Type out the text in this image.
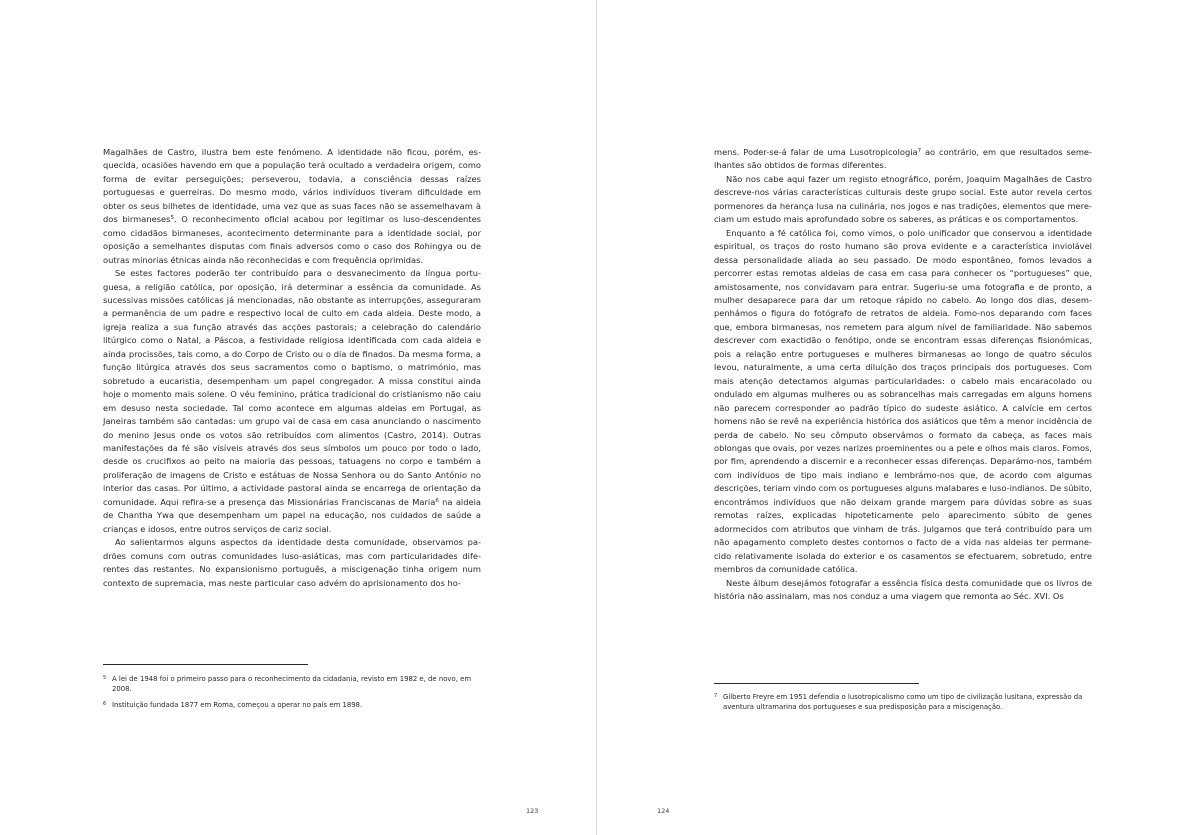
Magalhães de Castro, ilustra bem este fenómeno. A identidade não ficou, porém, esquecida, ocasiões havendo em que a população terá ocultado a verdadeira origem, como forma de evitar perseguições; perseverou, todavia, a consciência dessas raízes portuguesas e guerreiras. Do mesmo modo, vários indivíduos tiveram dificuldade em obter os seus bilhetes de identidade, uma vez que as suas faces não se assemelhavam à dos birmaneses$^5$. O reconhecimento oficial acabou por legitimar os luso-descendentes como cidadãos birmaneses, acontecimento determinante para a identidade social, por oposição a semelhantes disputas com finais adversos como o caso dos Rohingya ou de outras minorias étnicas ainda não reconhecidas e com frequência oprimidas.

Se estes factores poderão ter contribuído para o desvanecimento da língua portuguesa, a religião católica, por oposição, irá determinar a essência da comunidade. As sucessivas missões católicas já mencionadas, não obstante as interrupções, asseguraram a permanência de um padre e respectivo local de culto em cada aldeia. Deste modo, a igreja realiza a sua função através das acções pastorais; a celebração do calendário litúrgico como o Natal, a Páscoa, a festividade religiosa identificada com cada aldeia e ainda procissões, tais como, a do Corpo de Cristo ou o dia de finados. Da mesma forma, a função litúrgica através dos seus sacramentos como o baptismo, o matrimónio, mas sobretudo a eucaristia, desempenham um papel congregador. A missa constitui ainda hoje o momento mais solene. O véu feminino, prática tradicional do cristianismo não caiu em desuso nesta sociedade. Tal como acontece em algumas aldeias em Portugal, as Janeiras também são cantadas: um grupo vai de casa em casa anunciando o nascimento do menino Jesus onde os votos são retribuídos com alimentos (Castro, 2014). Outras manifestações da fé são visíveis através dos seus símbolos um pouco por todo o lado, desde os crucifixos ao peito na maioria das pessoas, tatuagens no corpo e também a proliferação de imagens de Cristo e estátuas de Nossa Senhora ou do Santo António no interior das casas. Por último, a actividade pastoral ainda se encarrega de orientação da comunidade. Aqui refira-se a presença das Missionárias Franciscanas de Maria$^6$ na aldeia de Chantha Ywa que desempenham um papel na educação, nos cuidados de saúde a crianças e idosos, entre outros serviços de cariz social.

Ao salientarmos alguns aspectos da identidade desta comunidade, observamos padrões comuns com outras comunidades luso-asiáticas, mas com particularidades diferentes das restantes. No expansionismo português, a miscigenação tinha origem num contexto de supremacia, mas neste particular caso advém do aprisionamento dos ho-

5 A lei de 1948 foi o primeiro passo para o reconhecimento da cidadania, revisto em 1982 e, de novo, em 2008.
6 Instituição fundada 1877 em Roma, começou a operar no país em 1898.
123

mens. Poder-se-á falar de uma Lusotropicologia$^7$ ao contrário, em que resultados semelhantes são obtidos de formas diferentes.

Não nos cabe aqui fazer um registo etnográfico, porém, Joaquim Magalhães de Castro descreve-nos várias características culturais deste grupo social. Este autor revela certos pormenores da herança lusa na culinária, nos jogos e nas tradições, elementos que mereciam um estudo mais aprofundado sobre os saberes, as práticas e os comportamentos.

Enquanto a fé católica foi, como vimos, o polo unificador que conservou a identidade espiritual, os traços do rosto humano são prova evidente e a característica inviolável dessa personalidade aliada ao seu passado. De modo espontâneo, fomos levados a percorrer estas remotas aldeias de casa em casa para conhecer os “portugueses” que, amistosamente, nos convidavam para entrar. Sugeriu-se uma fotografia e de pronto, a mulher desaparece para dar um retoque rápido no cabelo. Ao longo dos dias, desempenhámos o figura do fotógrafo de retratos de aldeia. Fomo-nos deparando com faces que, embora birmanesas, nos remetem para algum nível de familiaridade. Não sabemos descrever com exactidão o fenótipo, onde se encontram essas diferenças fisionómicas, pois a relação entre portugueses e mulheres birmanesas ao longo de quatro séculos levou, naturalmente, a uma certa diluição dos traços principais dos portugueses. Com mais atenção detectamos algumas particularidades: o cabelo mais encaracolado ou ondulado em algumas mulheres ou as sobrancelhas mais carregadas em alguns homens não parecem corresponder ao padrão típico do sudeste asiático. A calvície em certos homens não se revê na experiência histórica dos asiáticos que têm a menor incidência de perda de cabelo. No seu cômputo observámos o formato da cabeça, as faces mais oblongas que ovais, por vezes narizes proeminentes ou a pele e olhos mais claros. Fomos, por fim, aprendendo a discernir e a reconhecer essas diferenças. Deparámo-nos, também com indivíduos de tipo mais indiano e lembrámo-nos que, de acordo com algumas descrições, teriam vindo com os portugueses alguns malabares e luso-indianos. De súbito, encontrámos indivíduos que não deixam grande margem para dúvidas sobre as suas remotas raízes, explicadas hipoteticamente pelo aparecimento súbito de genes adormecidos com atributos que vinham de trás. Julgamos que terá contribuído para um não apagamento completo destes contornos o facto de a vida nas aldeias ter permanecido relativamente isolada do exterior e os casamentos se efectuarem, sobretudo, entre membros da comunidade católica.

Neste álbum desejámos fotografar a essência física desta comunidade que os livros de história não assinalam, mas nos conduz a uma viagem que remonta ao Séc. XVI. Os

7 Gilberto Freyre em 1951 defendia o lusotropicalismo como um tipo de civilização lusitana, expressão da aventura ultramarina dos portugueses e sua predisposição para a miscigenação.
124
